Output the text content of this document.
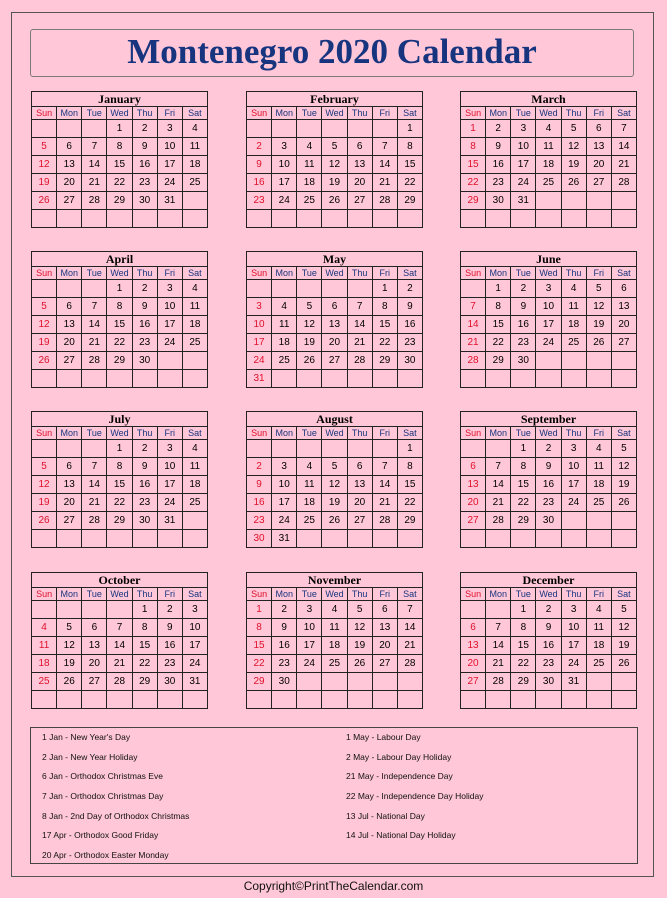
Montenegro 2020 Calendar
January						
Sun	Mon	Tue	Wed	Thu	Fri	Sat
			1	2	3	4
5	6	7	8	9	10	11
12	13	14	15	16	17	18
19	20	21	22	23	24	25
26	27	28	29	30	31	

February						
Sun	Mon	Tue	Wed	Thu	Fri	Sat
						1
2	3	4	5	6	7	8
9	10	11	12	13	14	15
16	17	18	19	20	21	22
23	24	25	26	27	28	29

March						
Sun	Mon	Tue	Wed	Thu	Fri	Sat
1	2	3	4	5	6	7
8	9	10	11	12	13	14
15	16	17	18	19	20	21
22	23	24	25	26	27	28
29	30	31				

April						
Sun	Mon	Tue	Wed	Thu	Fri	Sat
			1	2	3	4
5	6	7	8	9	10	11
12	13	14	15	16	17	18
19	20	21	22	23	24	25
26	27	28	29	30		

May						
Sun	Mon	Tue	Wed	Thu	Fri	Sat
					1	2
3	4	5	6	7	8	9
10	11	12	13	14	15	16
17	18	19	20	21	22	23
24	25	26	27	28	29	30
31						
June						
Sun	Mon	Tue	Wed	Thu	Fri	Sat
	1	2	3	4	5	6
7	8	9	10	11	12	13
14	15	16	17	18	19	20
21	22	23	24	25	26	27
28	29	30				

July						
Sun	Mon	Tue	Wed	Thu	Fri	Sat
			1	2	3	4
5	6	7	8	9	10	11
12	13	14	15	16	17	18
19	20	21	22	23	24	25
26	27	28	29	30	31	

August						
Sun	Mon	Tue	Wed	Thu	Fri	Sat
						1
2	3	4	5	6	7	8
9	10	11	12	13	14	15
16	17	18	19	20	21	22
23	24	25	26	27	28	29
30	31					
September						
Sun	Mon	Tue	Wed	Thu	Fri	Sat
		1	2	3	4	5
6	7	8	9	10	11	12
13	14	15	16	17	18	19
20	21	22	23	24	25	26
27	28	29	30			

October						
Sun	Mon	Tue	Wed	Thu	Fri	Sat
				1	2	3
4	5	6	7	8	9	10
11	12	13	14	15	16	17
18	19	20	21	22	23	24
25	26	27	28	29	30	31

November						
Sun	Mon	Tue	Wed	Thu	Fri	Sat
1	2	3	4	5	6	7
8	9	10	11	12	13	14
15	16	17	18	19	20	21
22	23	24	25	26	27	28
29	30					

December						
Sun	Mon	Tue	Wed	Thu	Fri	Sat
		1	2	3	4	5
6	7	8	9	10	11	12
13	14	15	16	17	18	19
20	21	22	23	24	25	26
27	28	29	30	31		

1 Jan - New Year's Day
2 Jan - New Year Holiday
6 Jan - Orthodox Christmas Eve
7 Jan - Orthodox Christmas Day
8 Jan - 2nd Day of Orthodox Christmas
17 Apr - Orthodox Good Friday
20 Apr - Orthodox Easter Monday
1 May - Labour Day
2 May - Labour Day Holiday
21 May - Independence Day
22 May - Independence Day Holiday
13 Jul - National Day
14 Jul - National Day Holiday
Copyright©PrintTheCalendar.com
